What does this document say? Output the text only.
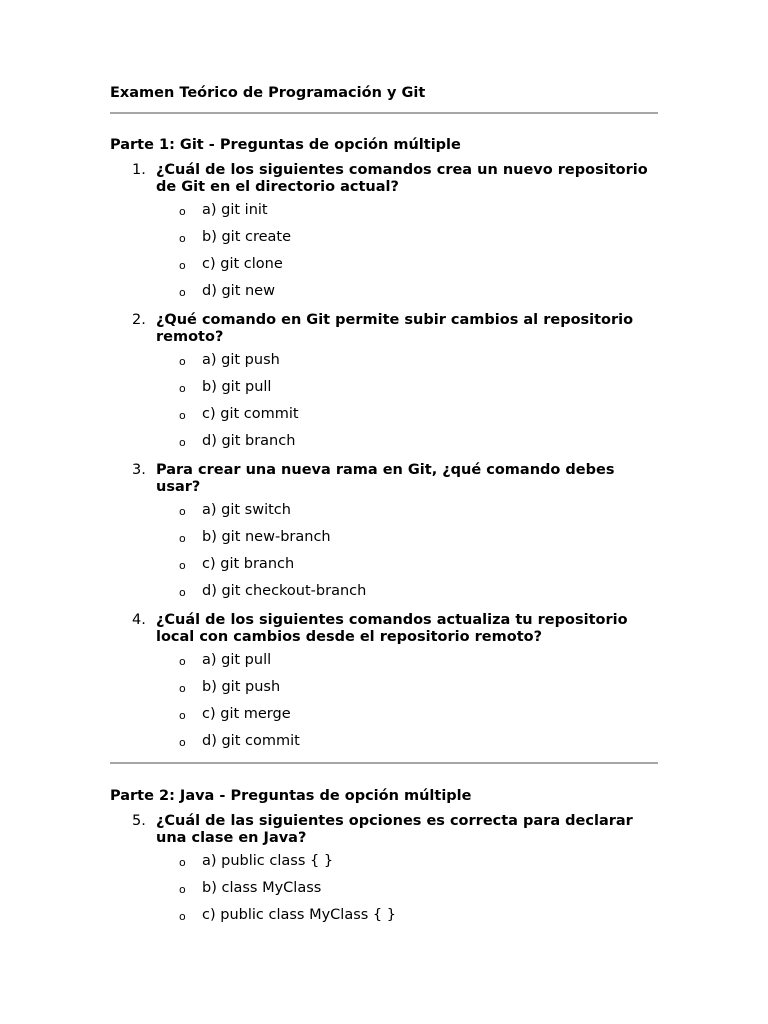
Examen Teórico de Programación y Git
Parte 1: Git - Preguntas de opción múltiple
1. ¿Cuál de los siguientes comandos crea un nuevo repositorio de Git en el directorio actual?
o a) git init
o b) git create
o c) git clone
o d) git new
2. ¿Qué comando en Git permite subir cambios al repositorio remoto?
o a) git push
o b) git pull
o c) git commit
o d) git branch
3. Para crear una nueva rama en Git, ¿qué comando debes usar?
o a) git switch
o b) git new-branch
o c) git branch
o d) git checkout-branch
4. ¿Cuál de los siguientes comandos actualiza tu repositorio local con cambios desde el repositorio remoto?
o a) git pull
o b) git push
o c) git merge
o d) git commit
Parte 2: Java - Preguntas de opción múltiple
5. ¿Cuál de las siguientes opciones es correcta para declarar una clase en Java?
o a) public class { }
o b) class MyClass
o c) public class MyClass { }
